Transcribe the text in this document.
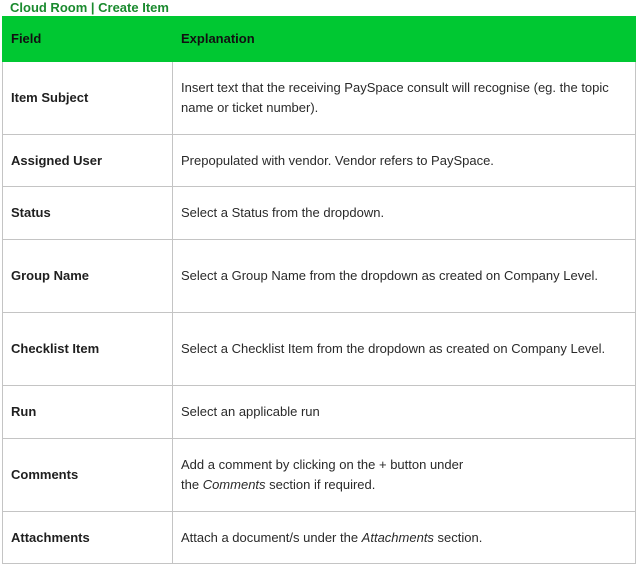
Cloud Room | Create Item
Field	Explanation
Item Subject	Insert text that the receiving PaySpace consult will recognise (eg. the topic name or ticket number).
Assigned User	Prepopulated with vendor. Vendor refers to PaySpace.
Status	Select a Status from the dropdown.
Group Name	Select a Group Name from the dropdown as created on Company Level.
Checklist Item	Select a Checklist Item from the dropdown as created on Company Level.
Run	Select an applicable run
Comments	Add a comment by clicking on the + button under
the Comments section if required.
Attachments	Attach a document/s under the Attachments section.
